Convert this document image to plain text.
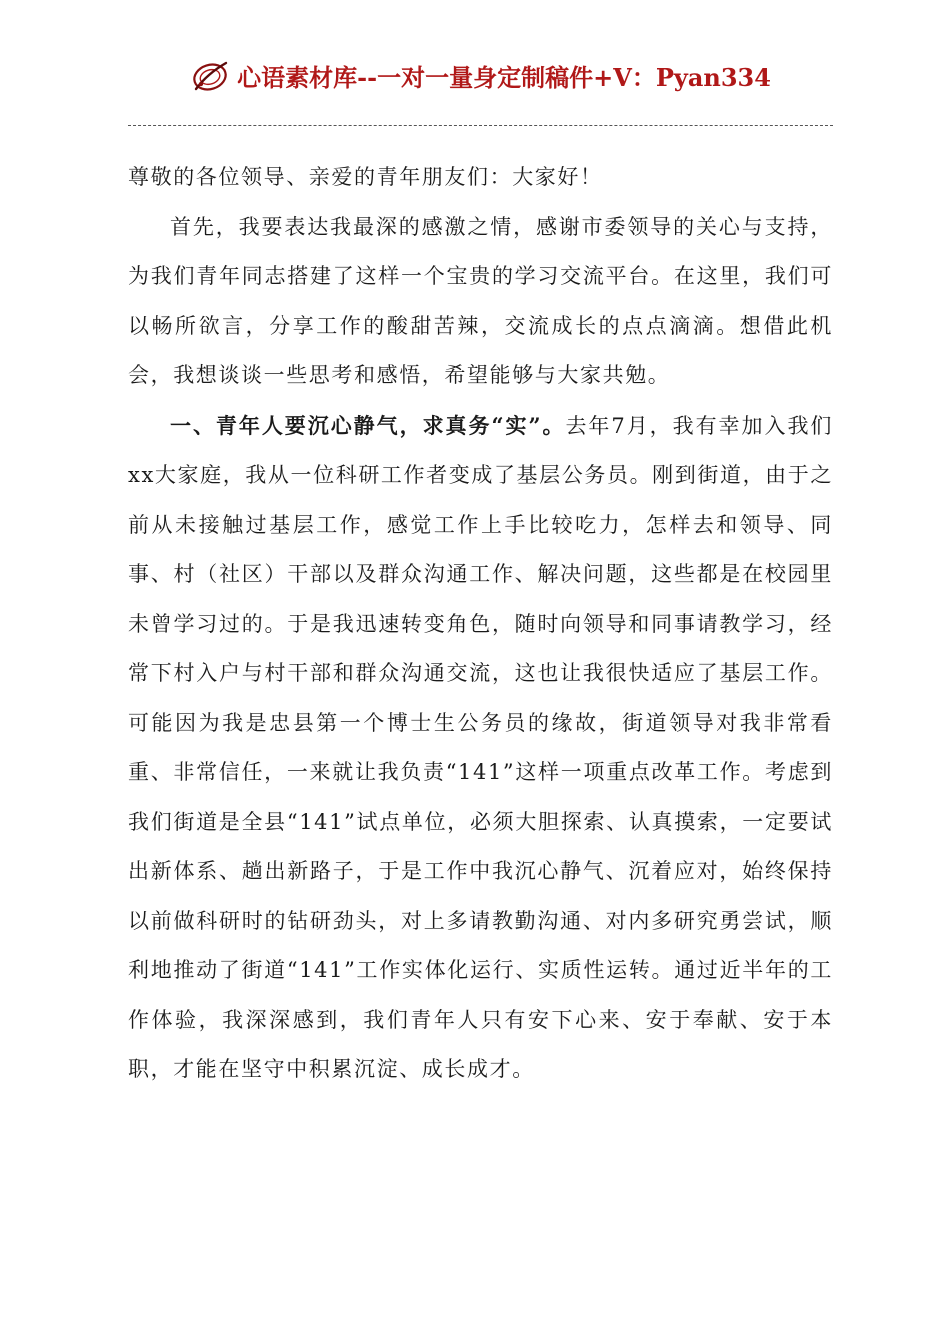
心语素材库--一对一量身定制稿件+V：Pyan334

尊敬的各位领导、亲爱的青年朋友们：大家好！

首先，我要表达我最深的感激之情，感谢市委领导的关心与支持，为我们青年同志搭建了这样一个宝贵的学习交流平台。在这里，我们可以畅所欲言，分享工作的酸甜苦辣，交流成长的点点滴滴。想借此机会，我想谈谈一些思考和感悟，希望能够与大家共勉。

一、青年人要沉心静气，求真务“实”。去年7月，我有幸加入我们xx大家庭，我从一位科研工作者变成了基层公务员。刚到街道，由于之前从未接触过基层工作，感觉工作上手比较吃力，怎样去和领导、同事、村（社区）干部以及群众沟通工作、解决问题，这些都是在校园里未曾学习过的。于是我迅速转变角色，随时向领导和同事请教学习，经常下村入户与村干部和群众沟通交流，这也让我很快适应了基层工作。可能因为我是忠县第一个博士生公务员的缘故，街道领导对我非常看重、非常信任，一来就让我负责“141”这样一项重点改革工作。考虑到我们街道是全县“141”试点单位，必须大胆探索、认真摸索，一定要试出新体系、趟出新路子，于是工作中我沉心静气、沉着应对，始终保持以前做科研时的钻研劲头，对上多请教勤沟通、对内多研究勇尝试，顺利地推动了街道“141”工作实体化运行、实质性运转。通过近半年的工作体验，我深深感到，我们青年人只有安下心来、安于奉献、安于本职，才能在坚守中积累沉淀、成长成才。
